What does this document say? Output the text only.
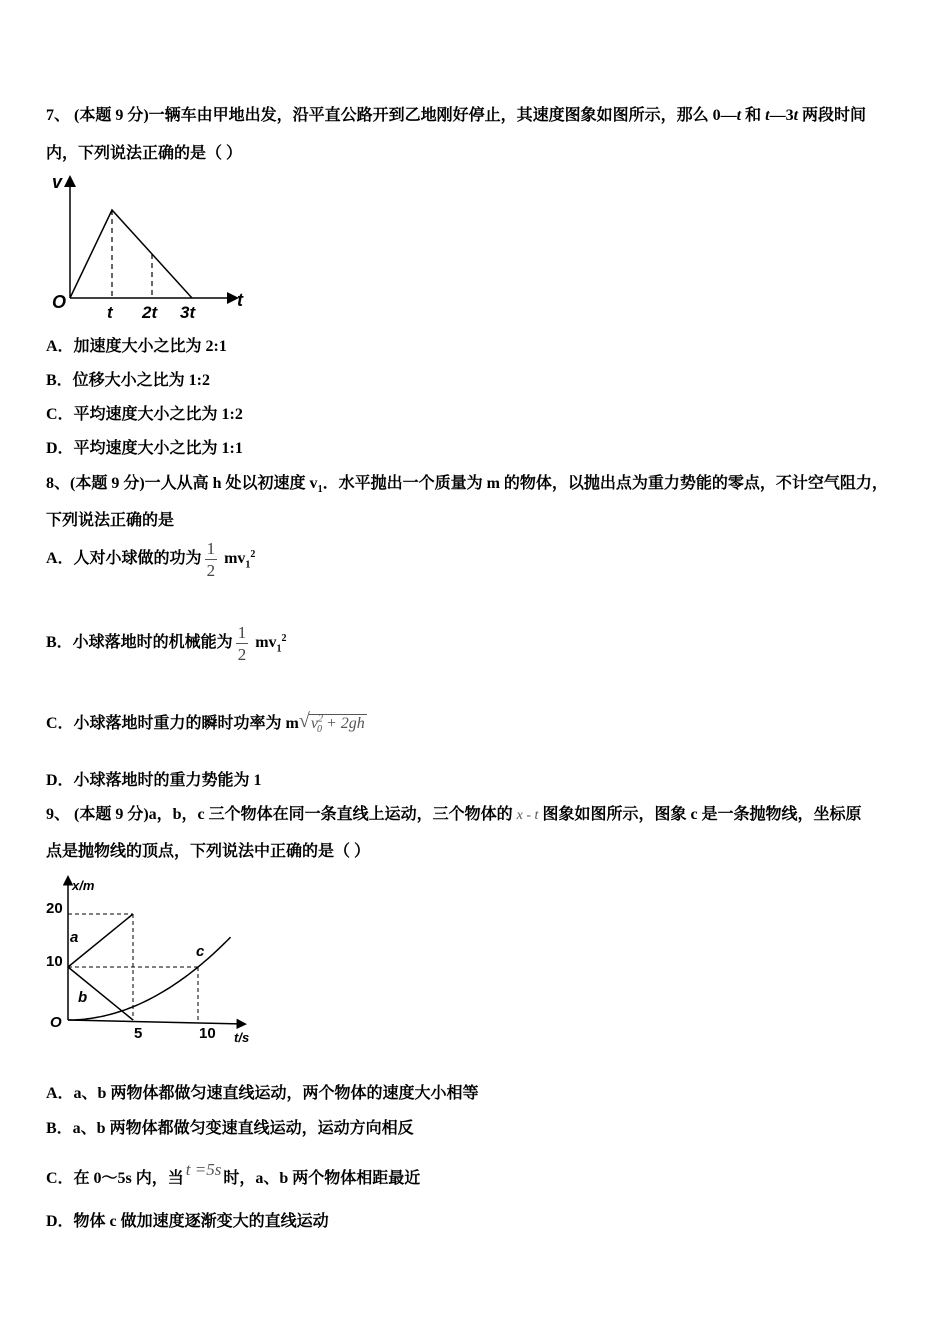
7、 (本题 9 分)一辆车由甲地出发，沿平直公路开到乙地刚好停止，其速度图象如图所示，那么 0—t 和 t—3t 两段时间
内，下列说法正确的是（ ）
v
t
O
t 2t 3t
A．加速度大小之比为 2:1
B．位移大小之比为 1:2
C．平均速度大小之比为 1:2
D．平均速度大小之比为 1:1
8、(本题 9 分)一人从高 h 处以初速度 $v_1$．水平抛出一个质量为 m 的物体，以抛出点为重力势能的零点，不计空气阻力，
下列说法正确的是
A．人对小球做的功为 $\frac{1}{2} mv_1^2$
B．小球落地时的机械能为 $\frac{1}{2} mv_1^2$
C．小球落地时重力的瞬时功率为 m √ $v^2_0 + 2gh$
D．小球落地时的重力势能为 1
9、 (本题 9 分)a，b，c 三个物体在同一条直线上运动，三个物体的 x - t 图象如图所示，图象 c 是一条抛物线，坐标原
点是抛物线的顶点，下列说法中正确的是（ ）
x/m
t/s
O
20
10
5	10
a
b
c
A．a、b 两物体都做匀速直线运动，两个物体的速度大小相等
B．a、b 两物体都做匀变速直线运动，运动方向相反
C．在 0～5s 内，当 t =5s 时，a、b 两个物体相距最近
D．物体 c 做加速度逐渐变大的直线运动
